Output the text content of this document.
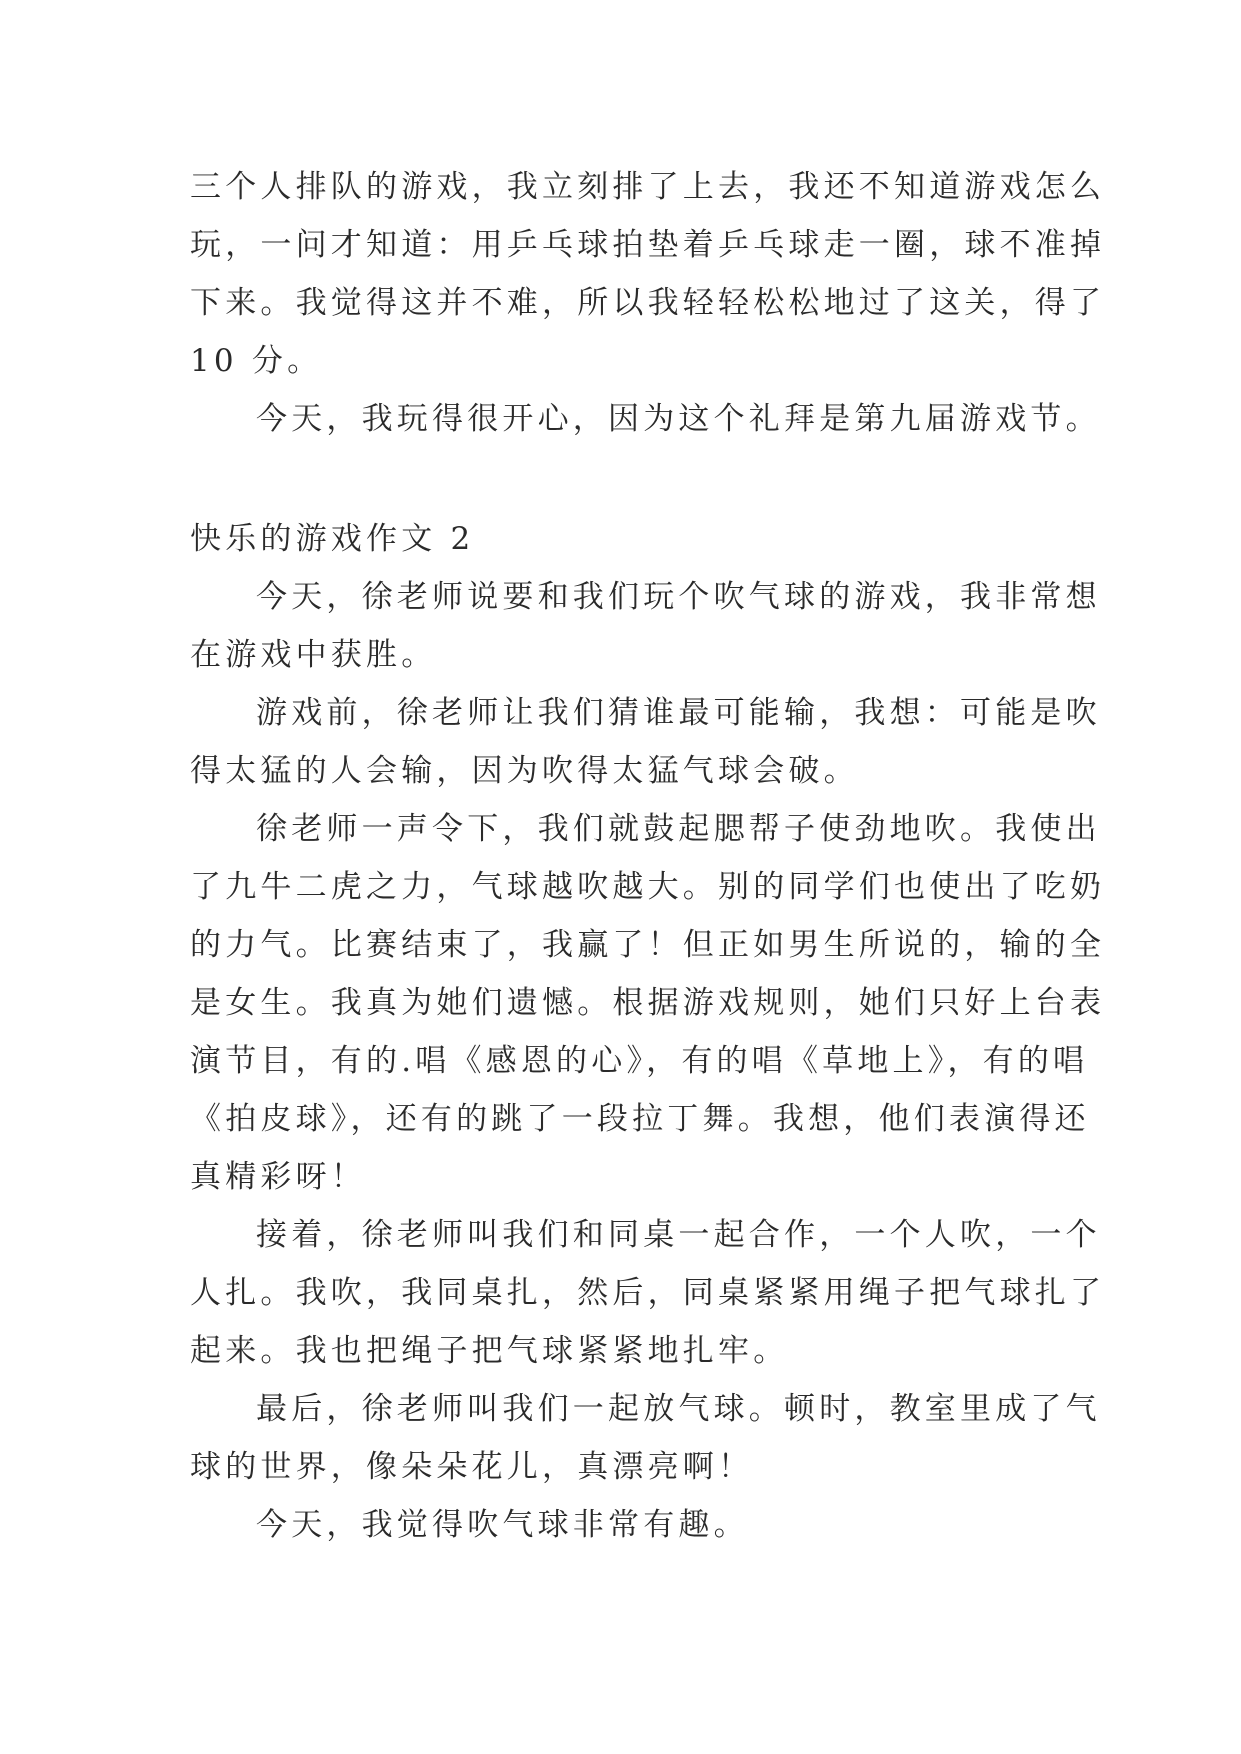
三个人排队的游戏，我立刻排了上去，我还不知道游戏怎么
玩，一问才知道：用乒乓球拍垫着乒乓球走一圈，球不准掉
下来。我觉得这并不难，所以我轻轻松松地过了这关，得了
10 分。
今天，我玩得很开心，因为这个礼拜是第九届游戏节。
快乐的游戏作文 2
今天，徐老师说要和我们玩个吹气球的游戏，我非常想
在游戏中获胜。
游戏前，徐老师让我们猜谁最可能输，我想：可能是吹
得太猛的人会输，因为吹得太猛气球会破。
徐老师一声令下，我们就鼓起腮帮子使劲地吹。我使出
了九牛二虎之力，气球越吹越大。别的同学们也使出了吃奶
的力气。比赛结束了，我赢了！但正如男生所说的，输的全
是女生。我真为她们遗憾。根据游戏规则，她们只好上台表
演节目，有的.唱《感恩的心》，有的唱《草地上》，有的唱
《拍皮球》，还有的跳了一段拉丁舞。我想，他们表演得还
真精彩呀！
接着，徐老师叫我们和同桌一起合作，一个人吹，一个
人扎。我吹，我同桌扎，然后，同桌紧紧用绳子把气球扎了
起来。我也把绳子把气球紧紧地扎牢。
最后，徐老师叫我们一起放气球。顿时，教室里成了气
球的世界，像朵朵花儿，真漂亮啊！
今天，我觉得吹气球非常有趣。
